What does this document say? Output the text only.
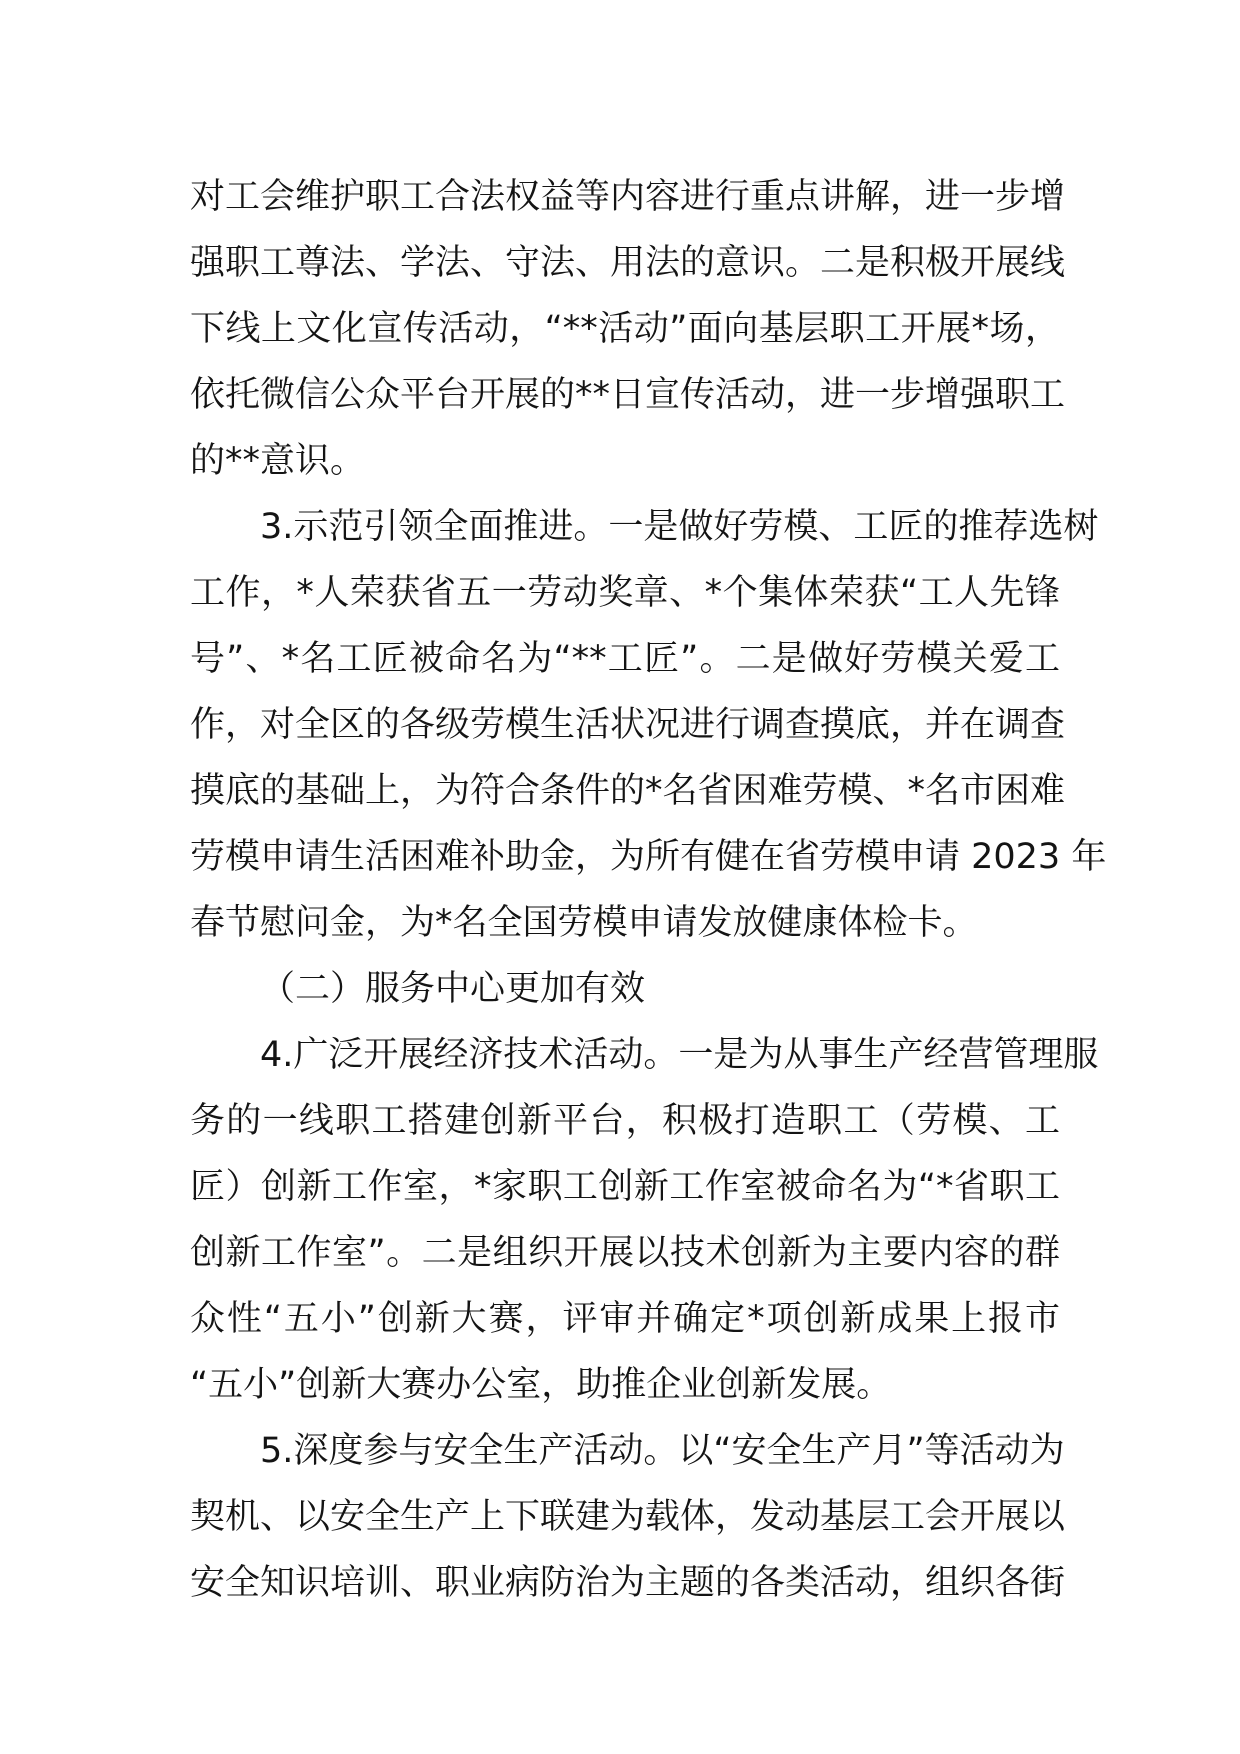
对工会维护职工合法权益等内容进行重点讲解，进一步增
强职工尊法、学法、守法、用法的意识。二是积极开展线
下线上文化宣传活动，“**活动”面向基层职工开展*场，
依托微信公众平台开展的**日宣传活动，进一步增强职工
的**意识。
3.示范引领全面推进。一是做好劳模、工匠的推荐选树
工作，*人荣获省五一劳动奖章、*个集体荣获“工人先锋
号”、*名工匠被命名为“**工匠”。二是做好劳模关爱工
作，对全区的各级劳模生活状况进行调查摸底，并在调查
摸底的基础上，为符合条件的*名省困难劳模、*名市困难
劳模申请生活困难补助金，为所有健在省劳模申请 2023 年
春节慰问金，为*名全国劳模申请发放健康体检卡。
（二）服务中心更加有效
4.广泛开展经济技术活动。一是为从事生产经营管理服
务的一线职工搭建创新平台，积极打造职工（劳模、工
匠）创新工作室，*家职工创新工作室被命名为“*省职工
创新工作室”。二是组织开展以技术创新为主要内容的群
众性“五小”创新大赛，评审并确定*项创新成果上报市
“五小”创新大赛办公室，助推企业创新发展。
5.深度参与安全生产活动。以“安全生产月”等活动为
契机、以安全生产上下联建为载体，发动基层工会开展以
安全知识培训、职业病防治为主题的各类活动，组织各街
